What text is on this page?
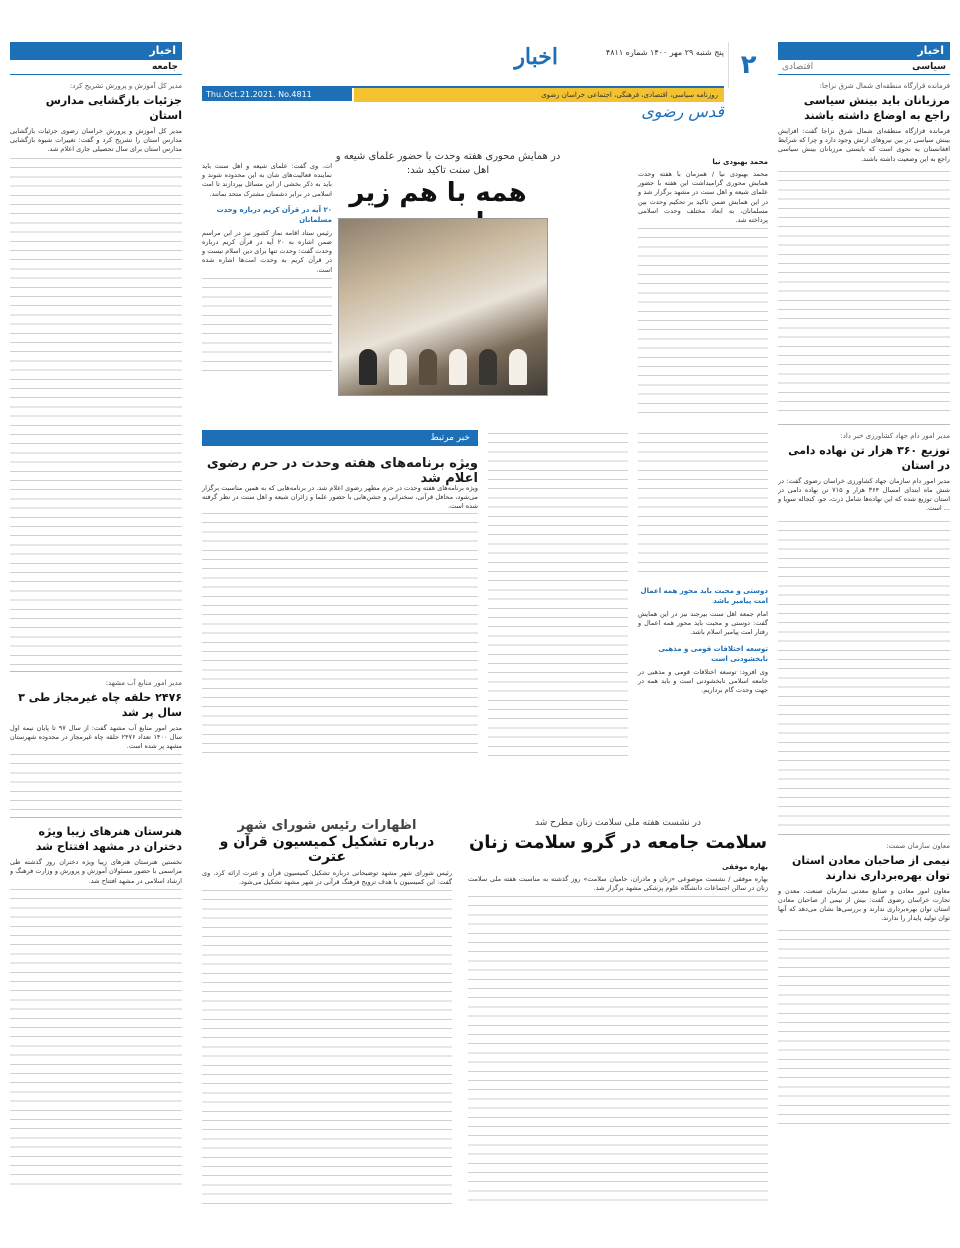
اخبار
سیاسی
اقتصادی
فرمانده قرارگاه منطقه‌ای شمال شرق نزاجا:
مرزبانان باید بینش سیاسی راجع به اوضاع داشته باشند
فرمانده قرارگاه منطقه‌ای شمال شرق نزاجا گفت: افزایش بینش سیاسی در بین نیروهای ارتش وجود دارد و چرا که شرایط افغانستان به نحوی است که بایستی مرزبانان بینش سیاسی راجع به این وضعیت داشته باشند.
مدیر امور دام جهاد کشاورزی خبر داد:
توزیع ۳۶۰ هزار تن نهاده دامی در استان
مدیر امور دام سازمان جهاد کشاورزی خراسان رضوی گفت: در شش ماه ابتدای امسال ۳۶۴ هزار و ۷۱۵ تن نهاده دامی در استان توزیع شده که این نهاده‌ها شامل ذرت، جو، کنجاله سویا و ... است.
معاون سازمان صمت:
نیمی از صاحبان معادن استان توان بهره‌برداری ندارند
معاون امور معادن و صنایع معدنی سازمان صنعت، معدن و تجارت خراسان رضوی گفت: بیش از نیمی از صاحبان معادن استان توان بهره‌برداری ندارند و بررسی‌ها نشان می‌دهد که آنها توان تولید پایدار را ندارند.
۲
پنج شنبه ۲۹ مهر ۱۴۰۰ شماره ۴۸۱۱
اخبار
Thu.Oct.21.2021. No.4811	روزنامه سیاسی، اقتصادی، فرهنگی، اجتماعی خراسان رضوی
قدس رضوی
در همایش محوری هفته وحدت با حضور علمای شیعه و اهل سنت تاکید شد:
همه با هم زیر
محمد بهبودی نیا
محمد بهبودی نیا / همزمان با هفته وحدت همایش محوری گرامیداشت این هفته با حضور علمای شیعه و اهل سنت در مشهد برگزار شد و در این همایش ضمن تاکید بر تحکیم وحدت بین مسلمانان، به ابعاد مختلف وحدت اسلامی پرداخته شد.
ات. وی گفت: علمای شیعه و اهل سنت باید نماینده فعالیت‌های شان به این محدوده شوند و باید به ذکر بخشی از این مسائل بپردازند تا امت اسلامی در برابر دشمنان مشترک متحد بمانند.
۲۰ آیه در قرآن کریم درباره وحدت مسلمانان
رئیس ستاد اقامه نماز کشور نیز در این مراسم ضمن اشاره به ۲۰ آیه در قرآن کریم درباره وحدت گفت: وحدت تنها برای دین اسلام نیست و در قرآن کریم به وحدت امت‌ها اشاره شده است.
خبر مرتبط
ویژه برنامه‌های هفته وحدت در حرم رضوی اعلام شد
ویژه برنامه‌های هفته وحدت در حرم مطهر رضوی اعلام شد. در برنامه‌هایی که به همین مناسبت برگزار می‌شود، محافل قرآنی، سخنرانی و جشن‌هایی با حضور علما و زائران شیعه و اهل سنت در نظر گرفته شده است.
دوستی و محبت باید محور همه اعمال امت پیامبر باشد
امام جمعه اهل سنت بیرجند نیز در این همایش گفت: دوستی و محبت باید محور همه اعمال و رفتار امت پیامبر اسلام باشد.
توسعه اختلافات قومی و مذهبی نابخشودنی است
وی افزود: توسعه اختلافات قومی و مذهبی در جامعه اسلامی نابخشودنی است و باید همه در جهت وحدت گام برداریم.
در نشست هفته ملی سلامت زنان مطرح شد
سلامت جامعه در گرو سلامت زنان
بهاره موفقی
بهاره موفقی / نشست موضوعی «زنان و مادران، حامیان سلامت» روز گذشته به مناسبت هفته ملی سلامت زنان در سالن اجتماعات دانشگاه علوم پزشکی مشهد برگزار شد.
اظهارات رئیس شورای شهر
درباره تشکیل کمیسیون قرآن و عترت
رئیس شورای شهر مشهد توضیحاتی درباره تشکیل کمیسیون قرآن و عترت ارائه کرد. وی گفت: این کمیسیون با هدف ترویج فرهنگ قرآنی در شهر مشهد تشکیل می‌شود.
اخبار
جامعه
مدیر کل آموزش و پرورش تشریح کرد:
جزئیات بازگشایی مدارس استان
مدیر کل آموزش و پرورش خراسان رضوی جزئیات بازگشایی مدارس استان را تشریح کرد و گفت: تغییرات شیوه بازگشایی مدارس استان برای سال تحصیلی جاری اعلام شد.
مدیر امور منابع آب مشهد:
۲۴۷۶ حلقه چاه غیرمجاز طی ۳ سال پر شد
مدیر امور منابع آب مشهد گفت: از سال ۹۷ تا پایان نیمه اول سال ۱۴۰۰ تعداد ۲۴۷۶ حلقه چاه غیرمجاز در محدوده شهرستان مشهد پر شده است.
هنرستان هنرهای زیبا ویژه دختران در مشهد افتتاح شد
نخستین هنرستان هنرهای زیبا ویژه دختران روز گذشته طی مراسمی با حضور مسئولان آموزش و پرورش و وزارت فرهنگ و ارشاد اسلامی در مشهد افتتاح شد.
